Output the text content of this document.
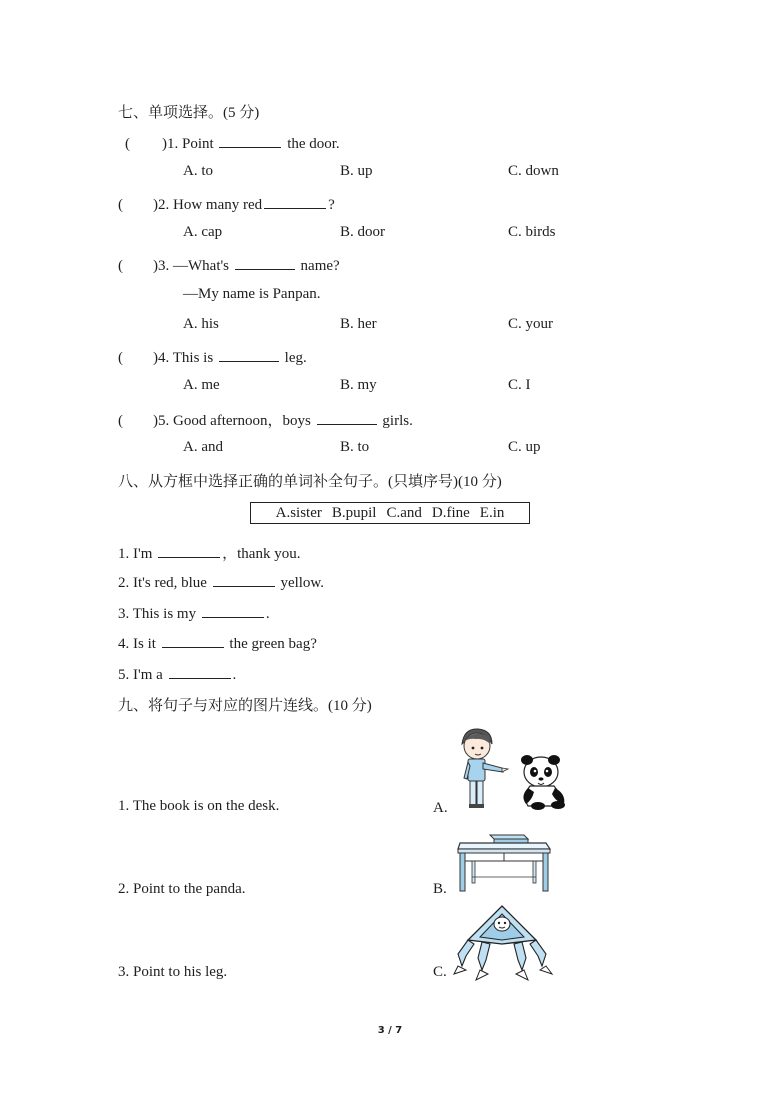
七、单项选择。(5 分)
( )1. Point	the door.
A. to	B. up	C. down
( )2. How many red	?
A. cap	B. door	C. birds
( )3. —What's	name?
—My name is Panpan.
A. his	B. her	C. your
( )4. This is	leg.
A. me	B. my	C. I
( )5. Good afternoon，boys	girls.
A. and	B. to	C. up
八、从方框中选择正确的单词补全句子。(只填序号)(10 分)
A.sister B.pupil C.and D.fine E.in
1. I'm	，thank you.
2. It's red, blue	yellow.
3. This is my	.
4. Is it	the green bag?
5. I'm a	.
九、将句子与对应的图片连线。(10 分)
1. The book is on the desk.
2. Point to the panda.
3. Point to his leg.
A.
B.
C.
3 / 7
